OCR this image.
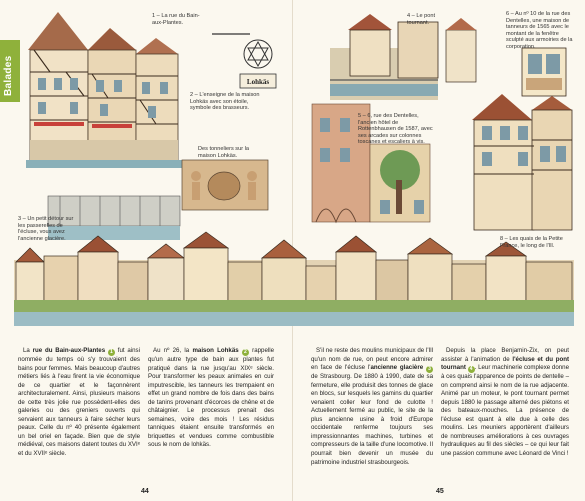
Lohkäs
Balades
1 – La rue du Bain-aux-Plantes.
2 – L'enseigne de la maison Lohkäs avec son étoile, symbole des brasseurs.
Des tonneliers sur la maison Lohkäs.
3 – Un petit détour sur les passerelles de l'écluse, vous avez l'ancienne glacière.
4 – Le pont tournant.
5 – 6, rue des Dentelles, l'ancien hôtel de Rottenbhausen de 1587, avec ses arcades sur colonnes toscanes et escaliers à vis.
6 – Au nº 10 de la rue des Dentelles, une maison de tanneurs de 1565 avec le montant de la fenêtre sculpté aux armoiries de la corporation.
8 – Les quais de la Petite France, le long de l'Ill.

La rue du Bain-aux-Plantes 1 fut ainsi nommée du temps où s'y trouvaient des bains pour femmes. Mais beaucoup d'autres métiers liés à l'eau firent la vie économique de ce quartier et le façonnèrent architecturalement. Ainsi, plusieurs maisons de cette très jolie rue possèdent-elles des galeries ou des greniers ouverts qui servaient aux tanneurs à faire sécher leurs peaux. Celle du nº 40 présente également un bel oriel en façade. Bien que de style médiéval, ces maisons datent toutes du XVIᵉ et du XVIIᵉ siècle.

Au nº 26, la maison Lohkäs 2 rappelle qu'un autre type de bain aux plantes fut pratiqué dans la rue jusqu'au XIXᵉ siècle. Pour transformer les peaux animales en cuir imputrescible, les tanneurs les trempaient en effet un grand nombre de fois dans des bains de tanins provenant d'écorces de chêne et de châtaignier. Le processus prenait des semaines, voire des mois ! Les résidus tanniques étaient ensuite transformés en briquettes et vendues comme combustible sous le nom de lohkäs.

S'il ne reste des moulins municipaux de l'Ill qu'un nom de rue, on peut encore admirer en face de l'écluse l'ancienne glacière 3 de Strasbourg. De 1880 à 1990, date de sa fermeture, elle produisit des tonnes de glace en blocs, sur lesquels les gamins du quartier venaient coller leur fond de culotte ! Actuellement fermé au public, le site de la plus ancienne usine à froid d'Europe occidentale renferme toujours ses impressionnantes machines, turbines et compresseurs de la taille d'une locomotive. Il pourrait bien devenir un musée du patrimoine industriel strasbourgeois.

Depuis la place Benjamin-Zix, on peut assister à l'animation de l'écluse et du pont tournant 4 . Leur machinerie complexe donne à ces quais l'apparence de points de dentelle – on comprend ainsi le nom de la rue adjacente. Animé par un moteur, le pont tournant permet depuis 1880 le passage alterné des piétons et des bateaux-mouches. La présence de l'écluse est quant à elle due à celle des moulins. Les meuniers apportèrent d'ailleurs de nombreuses améliorations à ces ouvrages hydrauliques au fil des siècles – ce qui leur fait une passion commune avec Léonard de Vinci !

44	45
